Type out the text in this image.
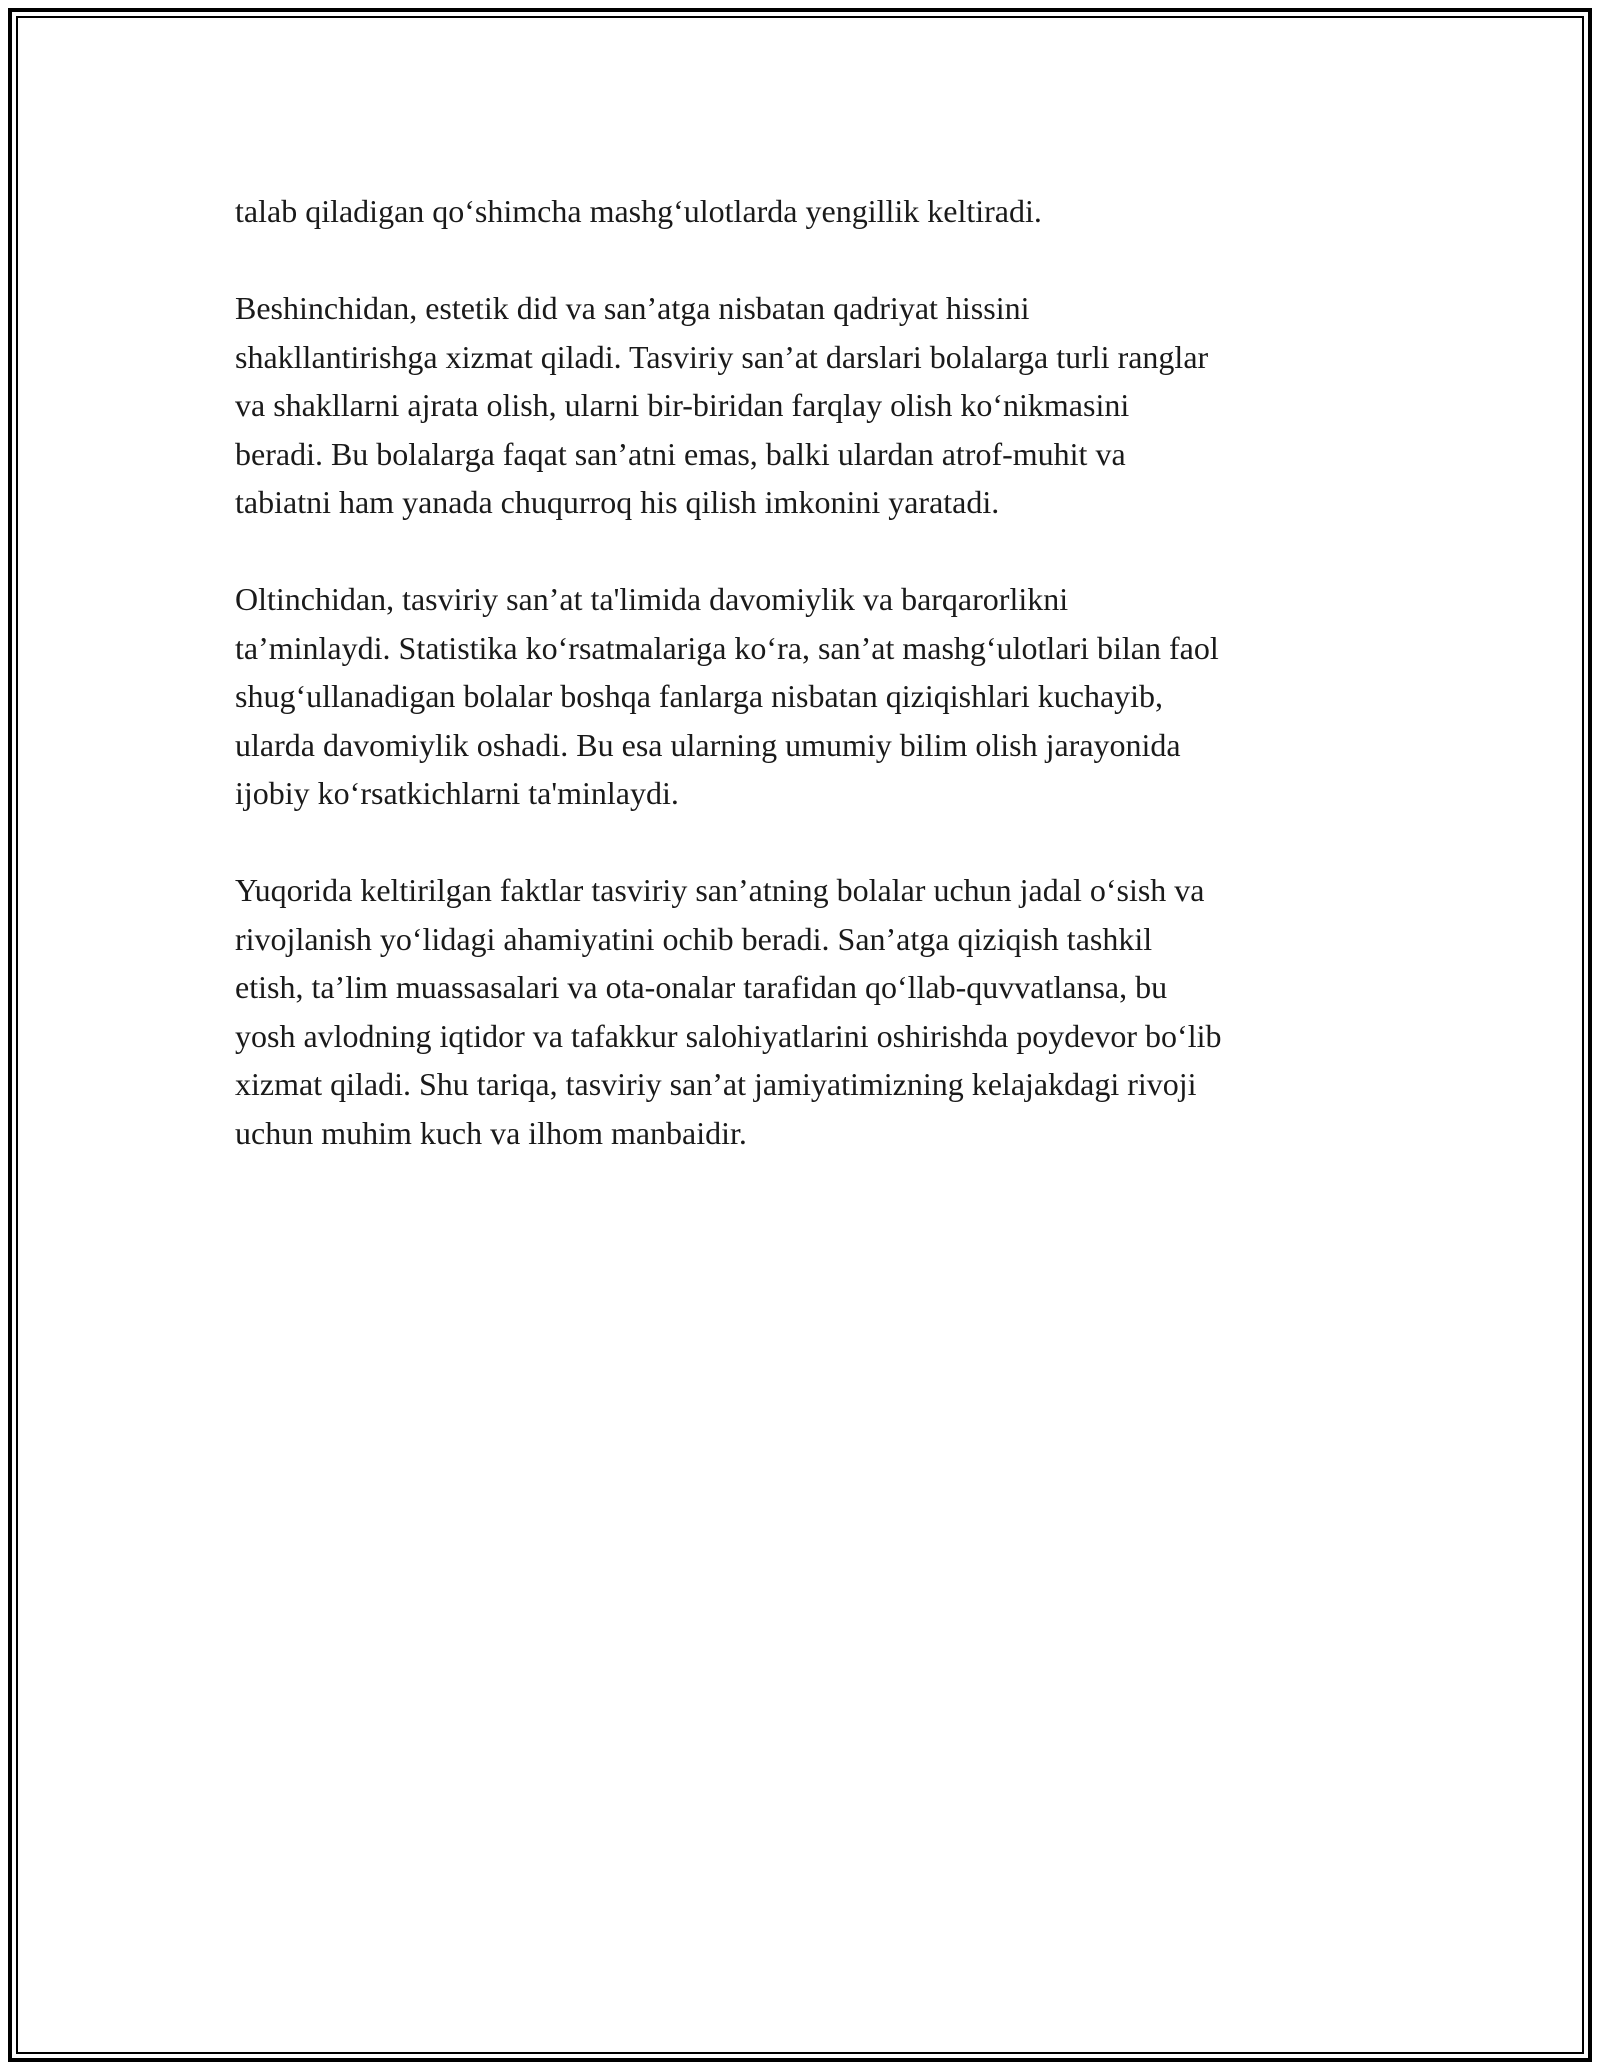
talab qiladigan qo‘shimcha mashg‘ulotlarda yengillik keltiradi.

Beshinchidan, estetik did va san’atga nisbatan qadriyat hissini
shakllantirishga xizmat qiladi. Tasviriy san’at darslari bolalarga turli ranglar
va shakllarni ajrata olish, ularni bir-biridan farqlay olish ko‘nikmasini
beradi. Bu bolalarga faqat san’atni emas, balki ulardan atrof-muhit va
tabiatni ham yanada chuqurroq his qilish imkonini yaratadi.

Oltinchidan, tasviriy san’at ta'limida davomiylik va barqarorlikni
ta’minlaydi. Statistika ko‘rsatmalariga ko‘ra, san’at mashg‘ulotlari bilan faol
shug‘ullanadigan bolalar boshqa fanlarga nisbatan qiziqishlari kuchayib,
ularda davomiylik oshadi. Bu esa ularning umumiy bilim olish jarayonida
ijobiy ko‘rsatkichlarni ta'minlaydi.

Yuqorida keltirilgan faktlar tasviriy san’atning bolalar uchun jadal o‘sish va
rivojlanish yo‘lidagi ahamiyatini ochib beradi. San’atga qiziqish tashkil
etish, ta’lim muassasalari va ota-onalar tarafidan qo‘llab-quvvatlansa, bu
yosh avlodning iqtidor va tafakkur salohiyatlarini oshirishda poydevor bo‘lib
xizmat qiladi. Shu tariqa, tasviriy san’at jamiyatimizning kelajakdagi rivoji
uchun muhim kuch va ilhom manbaidir.
